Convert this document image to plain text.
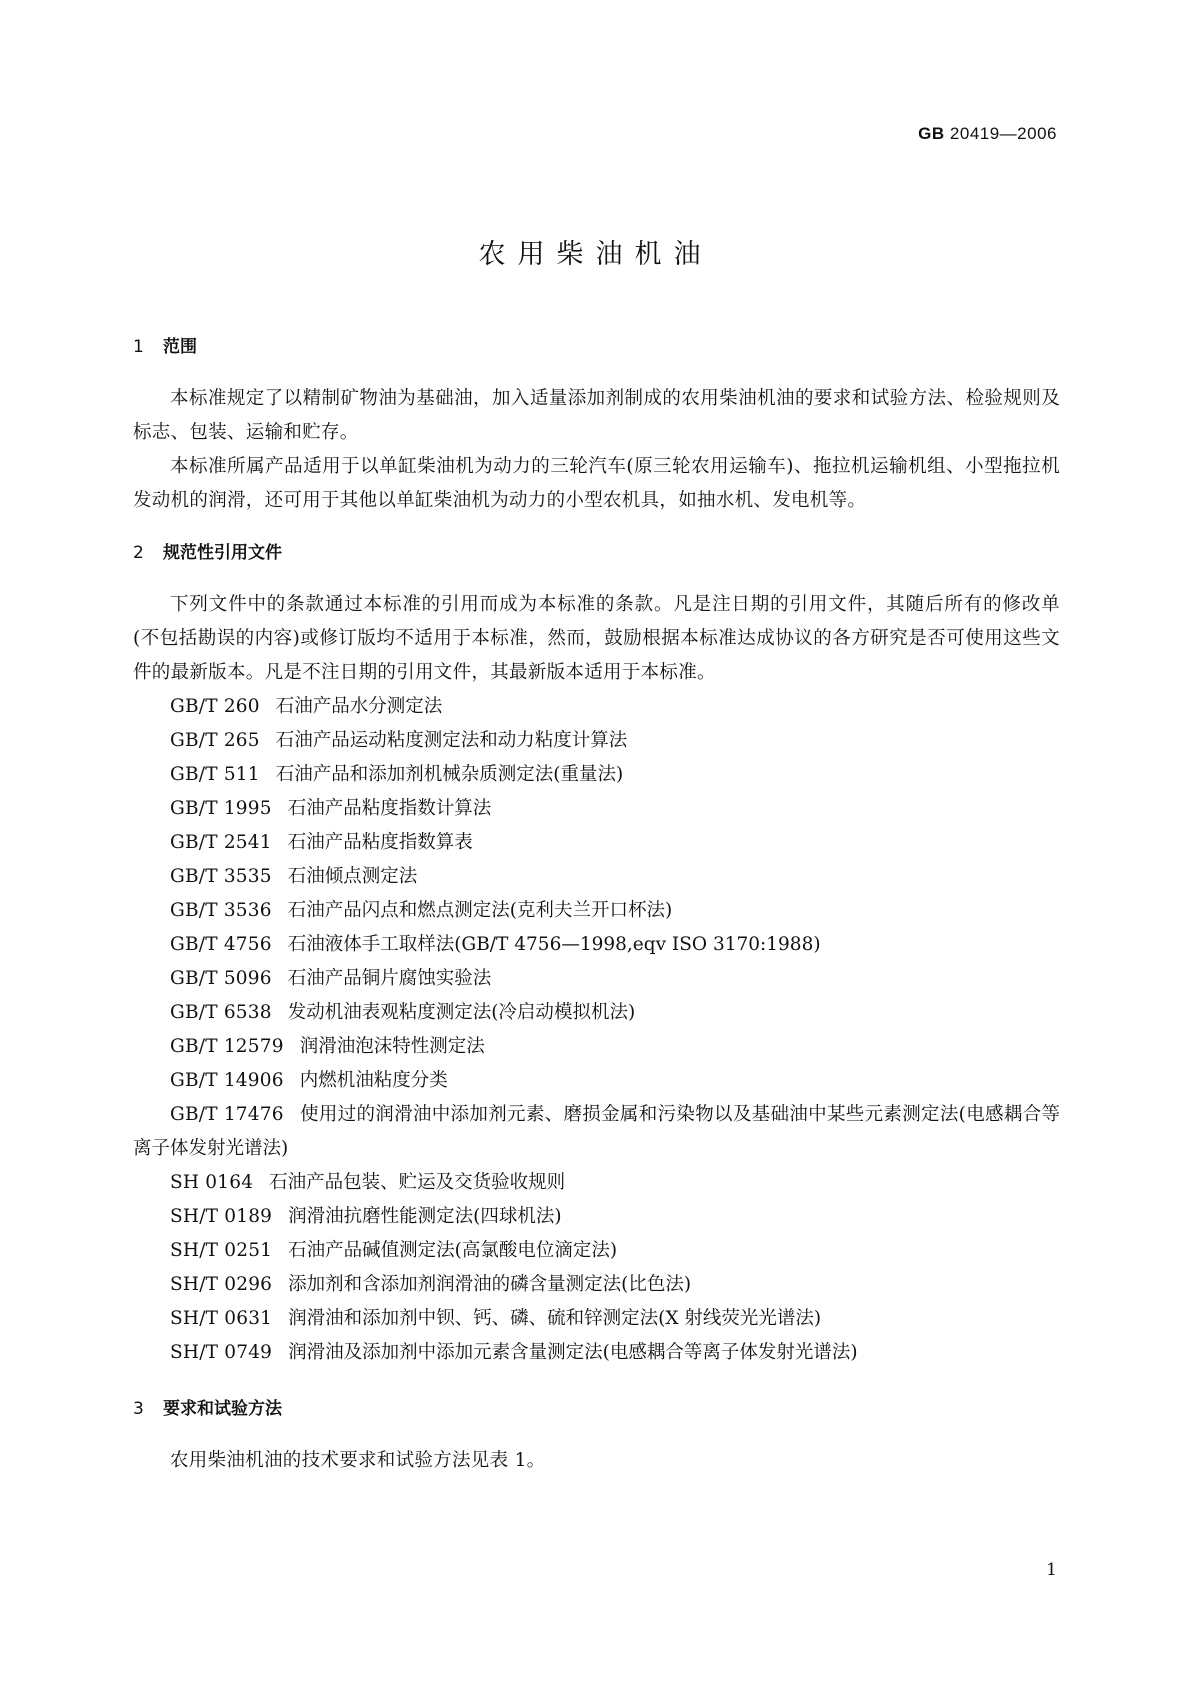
GB 20419—2006
农用柴油机油
1 范围

本标准规定了以精制矿物油为基础油，加入适量添加剂制成的农用柴油机油的要求和试验方法、检验规则及标志、包装、运输和贮存。

本标准所属产品适用于以单缸柴油机为动力的三轮汽车(原三轮农用运输车)、拖拉机运输机组、小型拖拉机发动机的润滑，还可用于其他以单缸柴油机为动力的小型农机具，如抽水机、发电机等。

2 规范性引用文件

下列文件中的条款通过本标准的引用而成为本标准的条款。凡是注日期的引用文件，其随后所有的修改单(不包括勘误的内容)或修订版均不适用于本标准，然而，鼓励根据本标准达成协议的各方研究是否可使用这些文件的最新版本。凡是不注日期的引用文件，其最新版本适用于本标准。

GB/T 260 石油产品水分测定法
GB/T 265 石油产品运动粘度测定法和动力粘度计算法
GB/T 511 石油产品和添加剂机械杂质测定法(重量法)
GB/T 1995 石油产品粘度指数计算法
GB/T 2541 石油产品粘度指数算表
GB/T 3535 石油倾点测定法
GB/T 3536 石油产品闪点和燃点测定法(克利夫兰开口杯法)
GB/T 4756 石油液体手工取样法(GB/T 4756—1998,eqv ISO 3170:1988)
GB/T 5096 石油产品铜片腐蚀实验法
GB/T 6538 发动机油表观粘度测定法(冷启动模拟机法)
GB/T 12579 润滑油泡沫特性测定法
GB/T 14906 内燃机油粘度分类
GB/T 17476 使用过的润滑油中添加剂元素、磨损金属和污染物以及基础油中某些元素测定法(电感耦合等离子体发射光谱法)
SH 0164 石油产品包装、贮运及交货验收规则
SH/T 0189 润滑油抗磨性能测定法(四球机法)
SH/T 0251 石油产品碱值测定法(高氯酸电位滴定法)
SH/T 0296 添加剂和含添加剂润滑油的磷含量测定法(比色法)
SH/T 0631 润滑油和添加剂中钡、钙、磷、硫和锌测定法(X 射线荧光光谱法)
SH/T 0749 润滑油及添加剂中添加元素含量测定法(电感耦合等离子体发射光谱法)
3 要求和试验方法

农用柴油机油的技术要求和试验方法见表 1。

1
